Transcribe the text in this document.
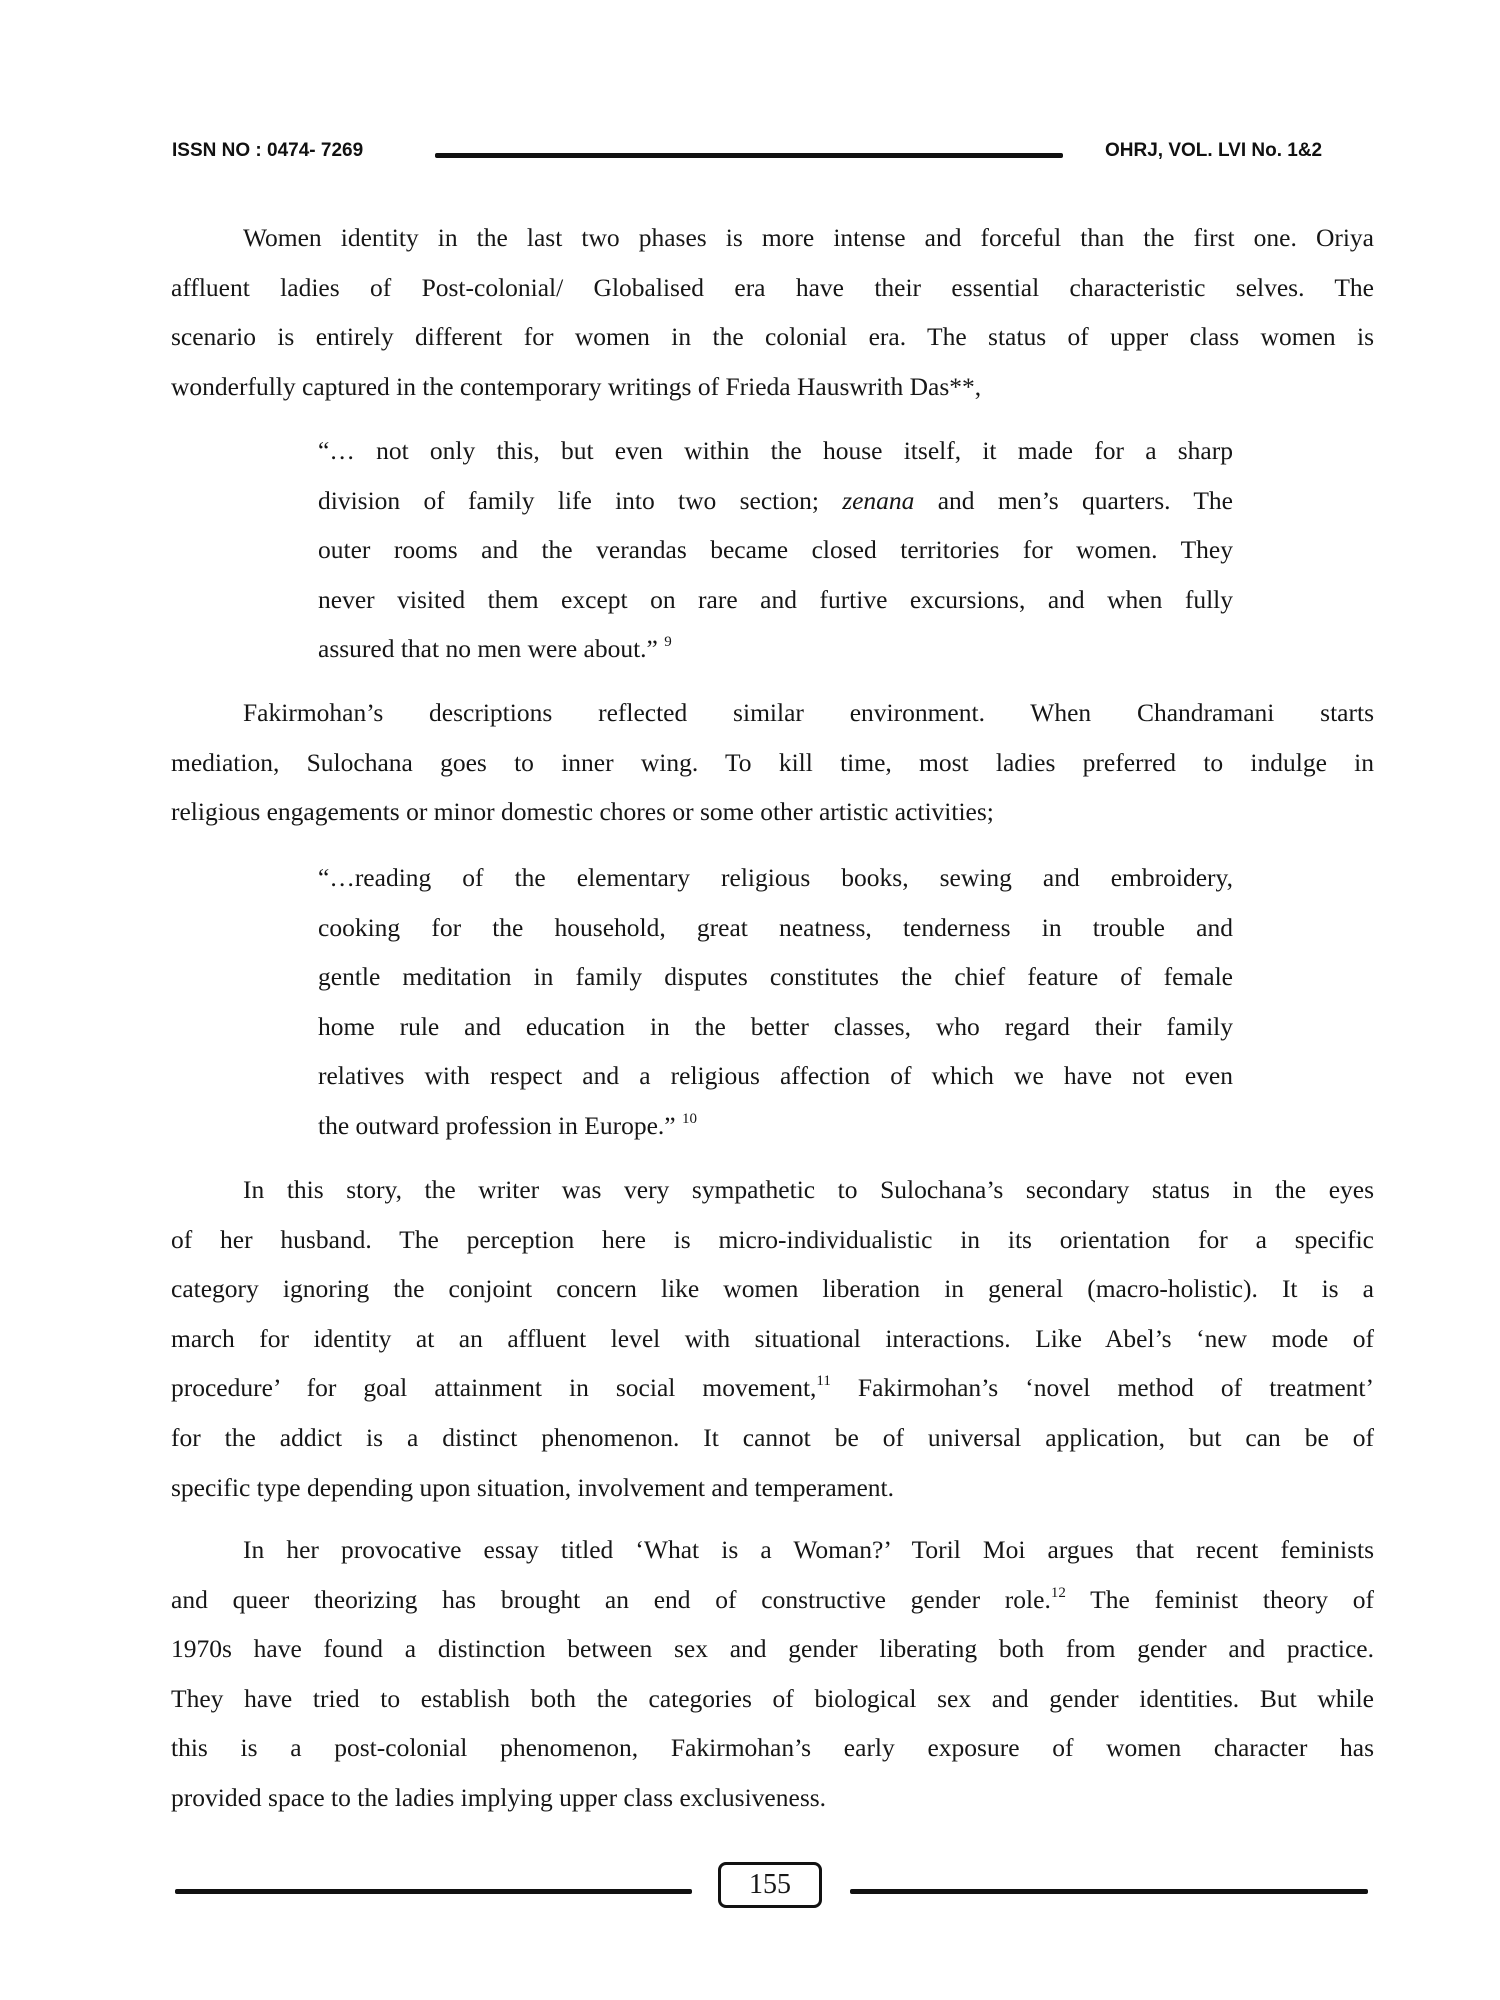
ISSN NO : 0474- 7269	OHRJ, VOL. LVI No. 1&2
Women identity in the last two phases is more intense and forceful than the first one. Oriya
affluent ladies of Post-colonial/ Globalised era have their essential characteristic selves. The
scenario is entirely different for women in the colonial era. The status of upper class women is
wonderfully captured in the contemporary writings of Frieda Hauswrith Das**,
“… not only this, but even within the house itself, it made for a sharp
division of family life into two section; zenana and men’s quarters. The
outer rooms and the verandas became closed territories for women. They
never visited them except on rare and furtive excursions, and when fully
assured that no men were about.” $^9$
Fakirmohan’s descriptions reflected similar environment. When Chandramani starts
mediation, Sulochana goes to inner wing. To kill time, most ladies preferred to indulge in
religious engagements or minor domestic chores or some other artistic activities;
“…reading of the elementary religious books, sewing and embroidery,
cooking for the household, great neatness, tenderness in trouble and
gentle meditation in family disputes constitutes the chief feature of female
home rule and education in the better classes, who regard their family
relatives with respect and a religious affection of which we have not even
the outward profession in Europe.” $^{10}$
In this story, the writer was very sympathetic to Sulochana’s secondary status in the eyes
of her husband. The perception here is micro-individualistic in its orientation for a specific
category ignoring the conjoint concern like women liberation in general (macro-holistic). It is a
march for identity at an affluent level with situational interactions. Like Abel’s ‘new mode of
procedure’ for goal attainment in social movement,$^{11}$ Fakirmohan’s ‘novel method of treatment’
for the addict is a distinct phenomenon. It cannot be of universal application, but can be of
specific type depending upon situation, involvement and temperament.
In her provocative essay titled ‘What is a Woman?’ Toril Moi argues that recent feminists
and queer theorizing has brought an end of constructive gender role.$^{12}$ The feminist theory of
1970s have found a distinction between sex and gender liberating both from gender and practice.
They have tried to establish both the categories of biological sex and gender identities. But while
this is a post-colonial phenomenon, Fakirmohan’s early exposure of women character has
provided space to the ladies implying upper class exclusiveness.
155
